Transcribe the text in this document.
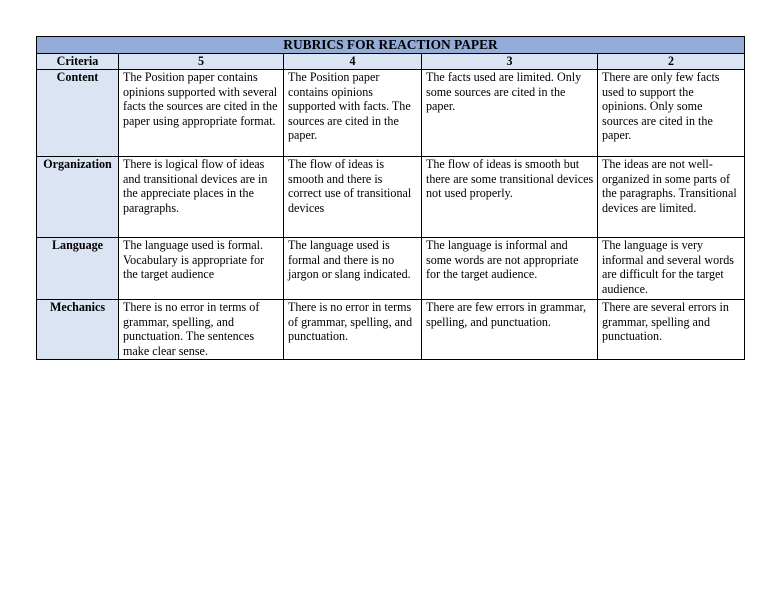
RUBRICS FOR REACTION PAPER				
Criteria	5	4	3	2
Content	The Position paper contains opinions supported with several facts the sources are cited in the paper using appropriate format.	The Position paper contains opinions supported with facts. The sources are cited in the paper.	The facts used are limited. Only some sources are cited in the paper.	There are only few facts used to support the opinions. Only some sources are cited in the paper.
Organization	There is logical flow of ideas and transitional devices are in the appreciate places in the paragraphs.	The flow of ideas is smooth and there is correct use of transitional devices	The flow of ideas is smooth but there are some transitional devices not used properly.	The ideas are not well-organized in some parts of the paragraphs. Transitional devices are limited.
Language	The language used is formal. Vocabulary is appropriate for the target audience	The language used is formal and there is no jargon or slang indicated.	The language is informal and some words are not appropriate for the target audience.	The language is very informal and several words are difficult for the target audience.
Mechanics	There is no error in terms of grammar, spelling, and punctuation. The sentences make clear sense.	There is no error in terms of grammar, spelling, and punctuation.	There are few errors in grammar, spelling, and punctuation.	There are several errors in grammar, spelling and punctuation.
